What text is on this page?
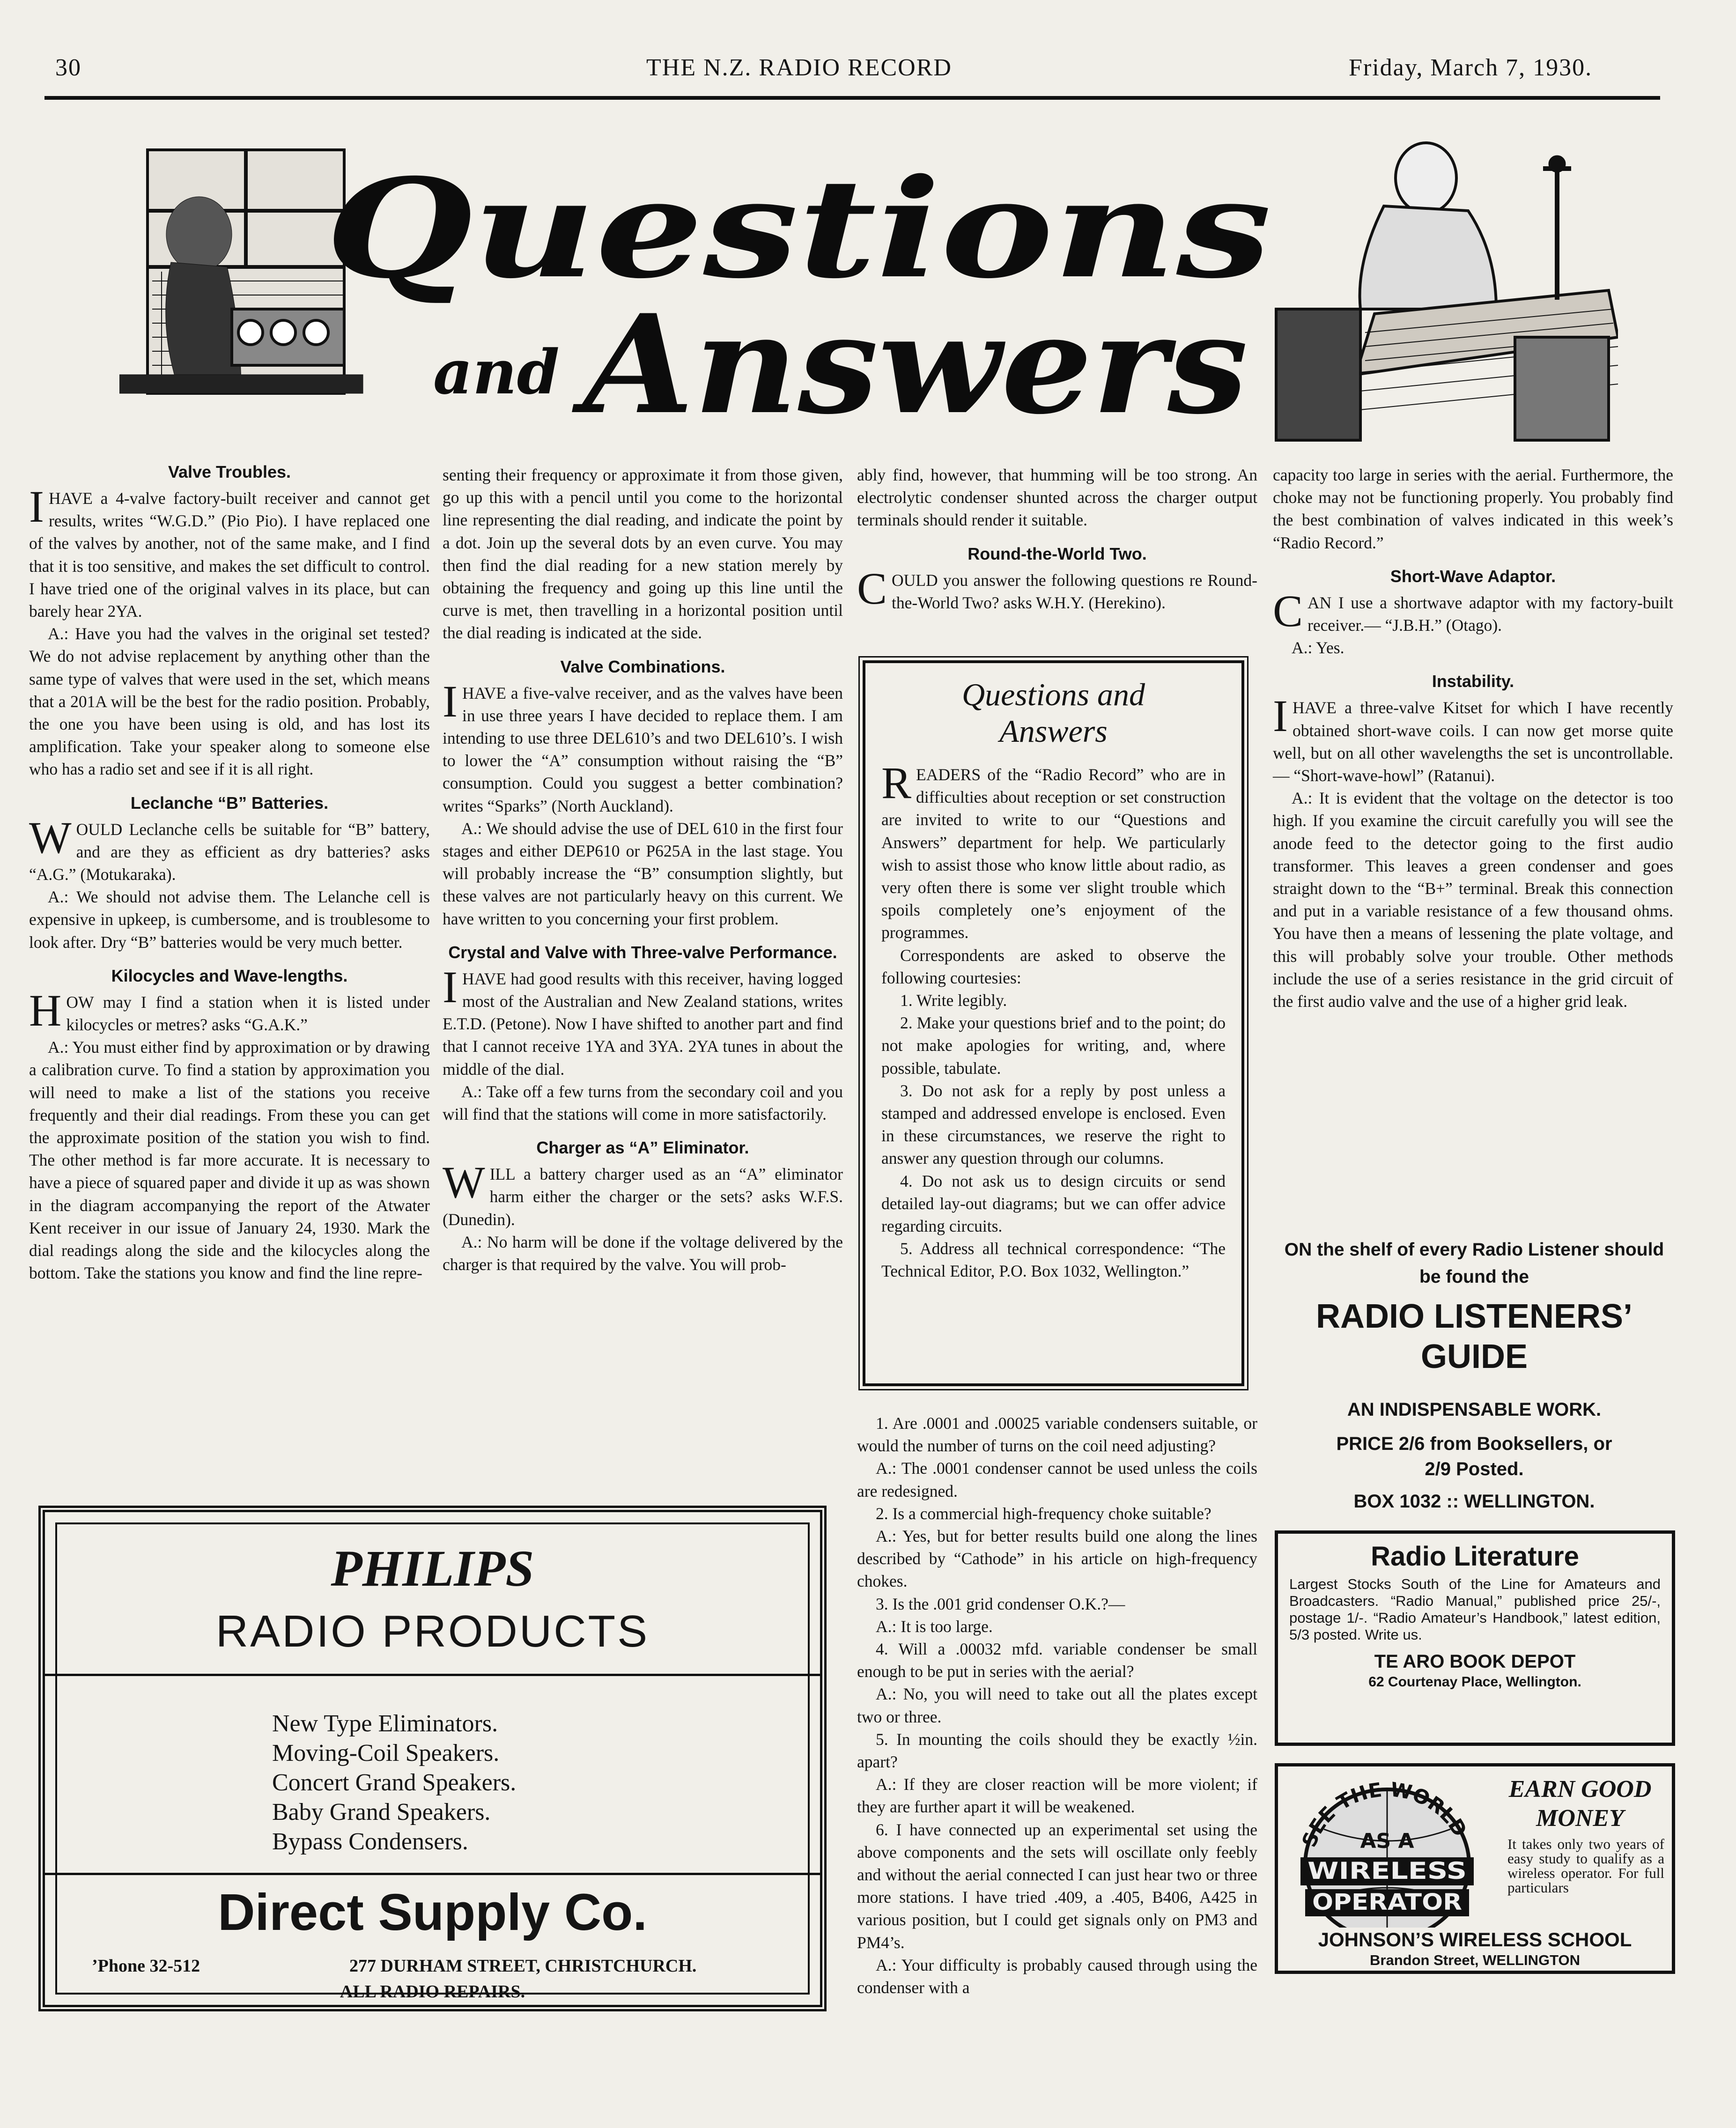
30	THE N.Z. RADIO RECORD	Friday, March 7, 1930.
Questions
and Answers
Valve Troubles.

IHAVE a 4-valve factory-built receiver and cannot get results, writes “W.G.D.” (Pio Pio). I have replaced one of the valves by another, not of the same make, and I find that it is too sensitive, and makes the set difficult to control. I have tried one of the original valves in its place, but can barely hear 2YA.

A.: Have you had the valves in the original set tested? We do not advise replacement by anything other than the same type of valves that were used in the set, which means that a 201A will be the best for the radio position. Probably, the one you have been using is old, and has lost its amplification. Take your speaker along to someone else who has a radio set and see if it is all right.

Leclanche “B” Batteries.

WOULD Leclanche cells be suitable for “B” battery, and are they as efficient as dry batteries? asks “A.G.” (Motukaraka).

A.: We should not advise them. The Lelanche cell is expensive in upkeep, is cumbersome, and is troublesome to look after. Dry “B” batteries would be very much better.

Kilocycles and Wave-lengths.

HOW may I find a station when it is listed under kilocycles or metres? asks “G.A.K.”

A.: You must either find by approximation or by drawing a calibration curve. To find a station by approximation you will need to make a list of the stations you receive frequently and their dial readings. From these you can get the approximate position of the station you wish to find. The other method is far more accurate. It is necessary to have a piece of squared paper and divide it up as was shown in the diagram accompanying the report of the Atwater Kent receiver in our issue of January 24, 1930. Mark the dial readings along the side and the kilocycles along the bottom. Take the stations you know and find the line repre-

senting their frequency or approximate it from those given, go up this with a pencil until you come to the horizontal line representing the dial reading, and indicate the point by a dot. Join up the several dots by an even curve. You may then find the dial reading for a new station merely by obtaining the frequency and going up this line until the curve is met, then travelling in a horizontal position until the dial reading is indicated at the side.

Valve Combinations.

IHAVE a five-valve receiver, and as the valves have been in use three years I have decided to replace them. I am intending to use three DEL610’s and two DEL610’s. I wish to lower the “A” consumption without raising the “B” consumption. Could you suggest a better combination? writes “Sparks” (North Auckland).

A.: We should advise the use of DEL 610 in the first four stages and either DEP610 or P625A in the last stage. You will probably increase the “B” consumption slightly, but these valves are not particularly heavy on this current. We have written to you concerning your first problem.

Crystal and Valve with Three-valve Performance.

IHAVE had good results with this receiver, having logged most of the Australian and New Zealand stations, writes E.T.D. (Petone). Now I have shifted to another part and find that I cannot receive 1YA and 3YA. 2YA tunes in about the middle of the dial.

A.: Take off a few turns from the secondary coil and you will find that the stations will come in more satisfactorily.

Charger as “A” Eliminator.

WILL a battery charger used as an “A” eliminator harm either the charger or the sets? asks W.F.S. (Dunedin).

A.: No harm will be done if the voltage delivered by the charger is that required by the valve. You will prob-

ably find, however, that humming will be too strong. An electrolytic condenser shunted across the charger output terminals should render it suitable.

Round-the-World Two.

COULD you answer the following questions re Round-the-World Two? asks W.H.Y. (Herekino).

Questions and
Answers

READERS of the “Radio Record” who are in difficulties about reception or set construction are invited to write to our “Questions and Answers” department for help. We particularly wish to assist those who know little about radio, as very often there is some ver slight trouble which spoils completely one’s enjoyment of the programmes.

Correspondents are asked to observe the following courtesies:

1. Write legibly.

2. Make your questions brief and to the point; do not make apologies for writing, and, where possible, tabulate.

3. Do not ask for a reply by post unless a stamped and addressed envelope is enclosed. Even in these circumstances, we reserve the right to answer any question through our columns.

4. Do not ask us to design circuits or send detailed lay-out diagrams; but we can offer advice regarding circuits.

5. Address all technical correspondence: “The Technical Editor, P.O. Box 1032, Wellington.”

1. Are .0001 and .00025 variable condensers suitable, or would the number of turns on the coil need adjusting?

A.: The .0001 condenser cannot be used unless the coils are redesigned.

2. Is a commercial high-frequency choke suitable?

A.: Yes, but for better results build one along the lines described by “Cathode” in his article on high-frequency chokes.

3. Is the .001 grid condenser O.K.?—

A.: It is too large.

4. Will a .00032 mfd. variable condenser be small enough to be put in series with the aerial?

A.: No, you will need to take out all the plates except two or three.

5. In mounting the coils should they be exactly ½in. apart?

A.: If they are closer reaction will be more violent; if they are further apart it will be weakened.

6. I have connected up an experimental set using the above components and the sets will oscillate only feebly and without the aerial connected I can just hear two or three more stations. I have tried .409, a .405, B406, A425 in various position, but I could get signals only on PM3 and PM4’s.

A.: Your difficulty is probably caused through using the condenser with a

capacity too large in series with the aerial. Furthermore, the choke may not be functioning properly. You probably find the best combination of valves indicated in this week’s “Radio Record.”

Short-Wave Adaptor.

CAN I use a shortwave adaptor with my factory-built receiver.— “J.B.H.” (Otago).

A.: Yes.

Instability.

IHAVE a three-valve Kitset for which I have recently obtained short-wave coils. I can now get morse quite well, but on all other wavelengths the set is uncontrollable.— “Short-wave-howl” (Ratanui).

A.: It is evident that the voltage on the detector is too high. If you examine the circuit carefully you will see the anode feed to the detector going to the first audio transformer. This leaves a green condenser and goes straight down to the “B+” terminal. Break this connection and put in a variable resistance of a few thousand ohms. You have then a means of lessening the plate voltage, and this will probably solve your trouble. Other methods include the use of a series resistance in the grid circuit of the first audio valve and the use of a higher grid leak.

ON the shelf of every Radio Listener should be found the
RADIO LISTENERS’
GUIDE
AN INDISPENSABLE WORK.
PRICE 2/6 from Booksellers, or
2/9 Posted.
BOX 1032 :: WELLINGTON.
Radio Literature
Largest Stocks South of the Line for Amateurs and Broadcasters. “Radio Manual,” published price 25/-, postage 1/-. “Radio Amateur’s Handbook,” latest edition, 5/3 posted. Write us.
TE ARO BOOK DEPOT
62 Courtenay Place, Wellington.
SEE THE WORLD
AS A
WIRELESS
OPERATOR
EARN GOOD
MONEY
It takes only two years of easy study to qualify as a wireless operator. For full particulars
JOHNSON’S WIRELESS SCHOOL
Brandon Street, WELLINGTON
PHILIPS
RADIO PRODUCTS
New Type Eliminators.
Moving-Coil Speakers.
Concert Grand Speakers.
Baby Grand Speakers.
Bypass Condensers.
Direct Supply Co.
’Phone 32-512	277 DURHAM STREET, CHRISTCHURCH.
ALL RADIO REPAIRS.
